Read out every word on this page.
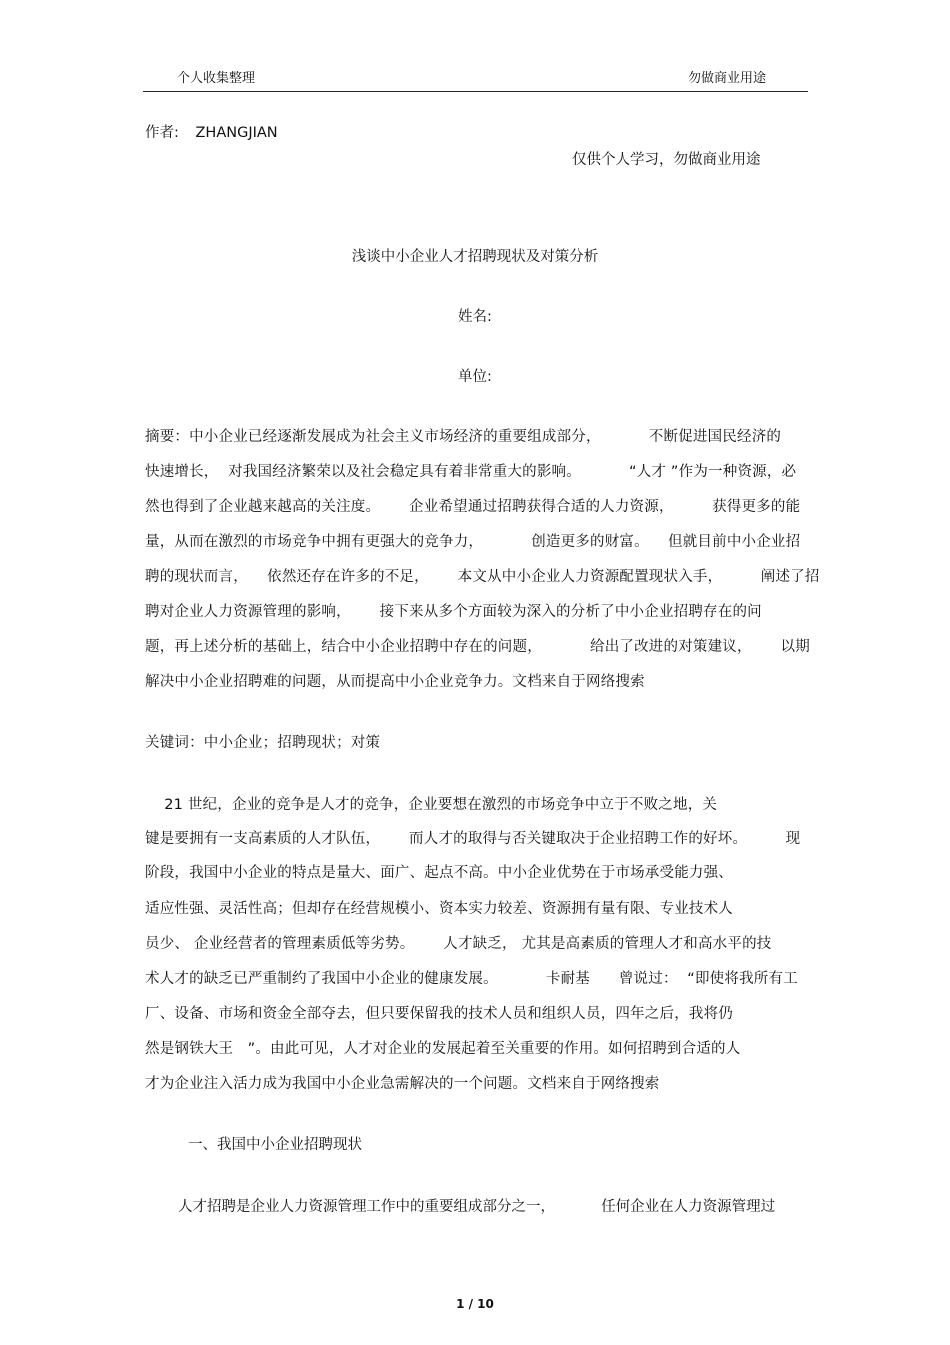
个人收集整理	勿做商业用途
作者: ZHANGJIAN
仅供个人学习，勿做商业用途
浅谈中小企业人才招聘现状及对策分析
姓名:
单位:
摘要：中小企业已经逐渐发展成为社会主义市场经济的重要组成部分，          不断促进国民经济的
快速增长，  对我国经济繁荣以及社会稳定具有着非常重大的影响。          “人才 ”作为一种资源，必
然也得到了企业越来越高的关注度。      企业希望通过招聘获得合适的人力资源，        获得更多的能
量，从而在激烈的市场竞争中拥有更强大的竞争力，          创造更多的财富。    但就目前中小企业招
聘的现状而言，    依然还存在许多的不足，      本文从中小企业人力资源配置现状入手，        阐述了招
聘对企业人力资源管理的影响，      接下来从多个方面较为深入的分析了中小企业招聘存在的问
题，再上述分析的基础上，结合中小企业招聘中存在的问题，          给出了改进的对策建议，      以期
解决中小企业招聘难的问题，从而提高中小企业竞争力。文档来自于网络搜索
关键词：中小企业；招聘现状；对策
21 世纪，企业的竞争是人才的竞争，企业要想在激烈的市场竞争中立于不败之地，关
键是要拥有一支高素质的人才队伍，      而人才的取得与否关键取决于企业招聘工作的好坏。        现
阶段，我国中小企业的特点是量大、面广、起点不高。中小企业优势在于市场承受能力强、
适应性强、灵活性高；但却存在经营规模小、资本实力较差、资源拥有量有限、专业技术人
员少、 企业经营者的管理素质低等劣势。      人才缺乏， 尤其是高素质的管理人才和高水平的技
术人才的缺乏已严重制约了我国中小企业的健康发展。          卡耐基      曾说过：  “即使将我所有工
厂、设备、市场和资金全部夺去，但只要保留我的技术人员和组织人员，四年之后，我将仍
然是钢铁大王   ”。由此可见，人才对企业的发展起着至关重要的作用。如何招聘到合适的人
才为企业注入活力成为我国中小企业急需解决的一个问题。文档来自于网络搜索
一、我国中小企业招聘现状
人才招聘是企业人力资源管理工作中的重要组成部分之一，          任何企业在人力资源管理过
1 / 10
